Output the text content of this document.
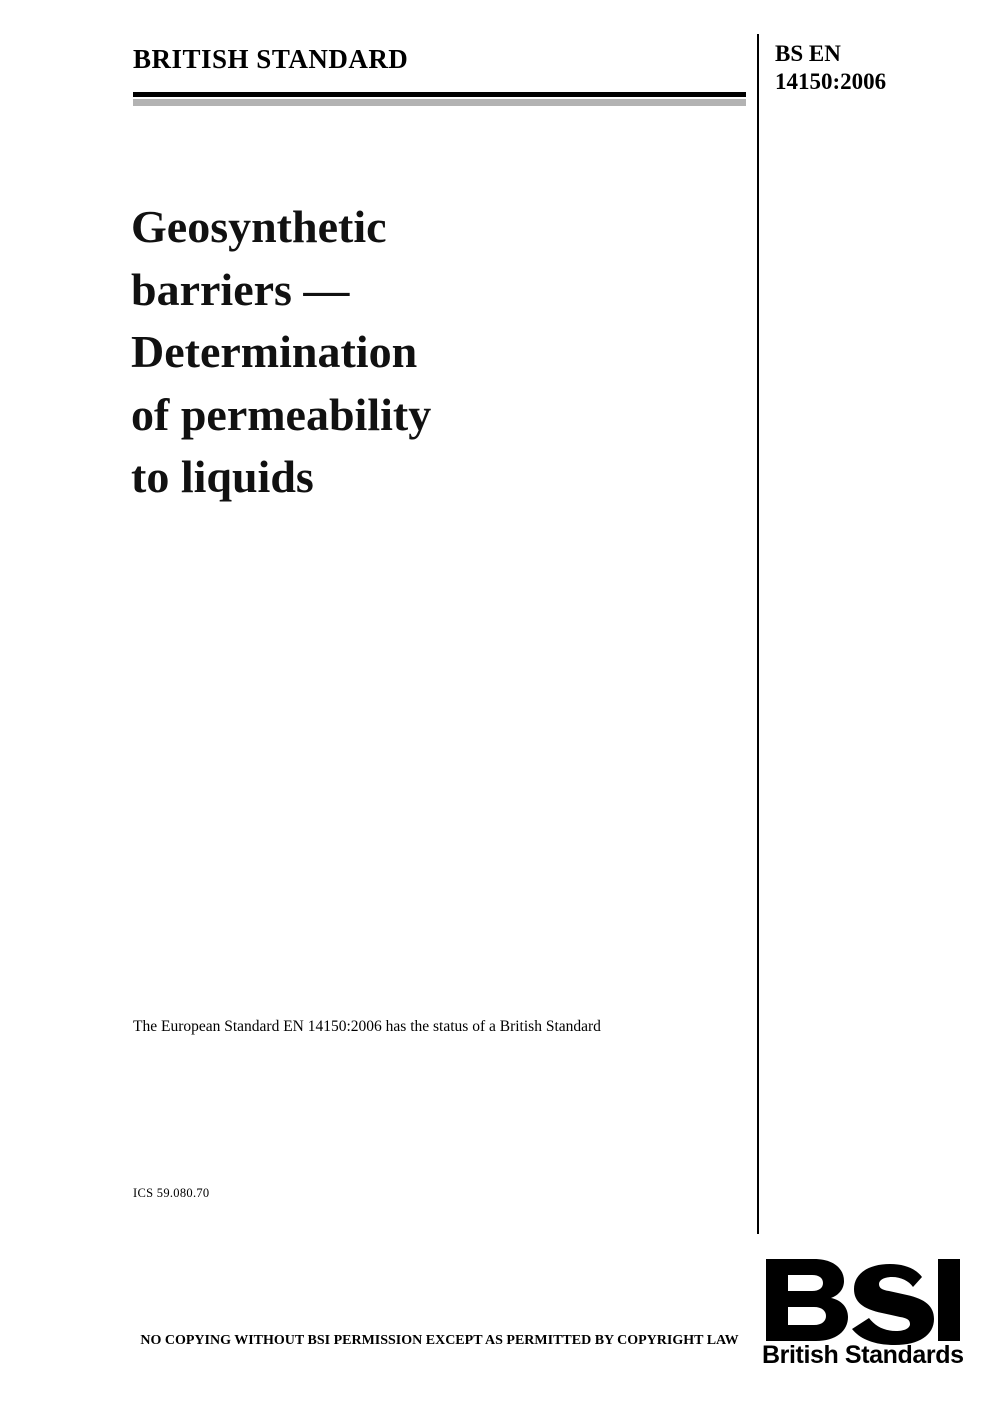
BRITISH STANDARD	BS EN
14150:2006
Geosynthetic
barriers —
Determination
of permeability
to liquids
The European Standard EN 14150:2006 has the status of a British Standard
ICS 59.080.70
NO COPYING WITHOUT BSI PERMISSION EXCEPT AS PERMITTED BY COPYRIGHT LAW
British Standards
